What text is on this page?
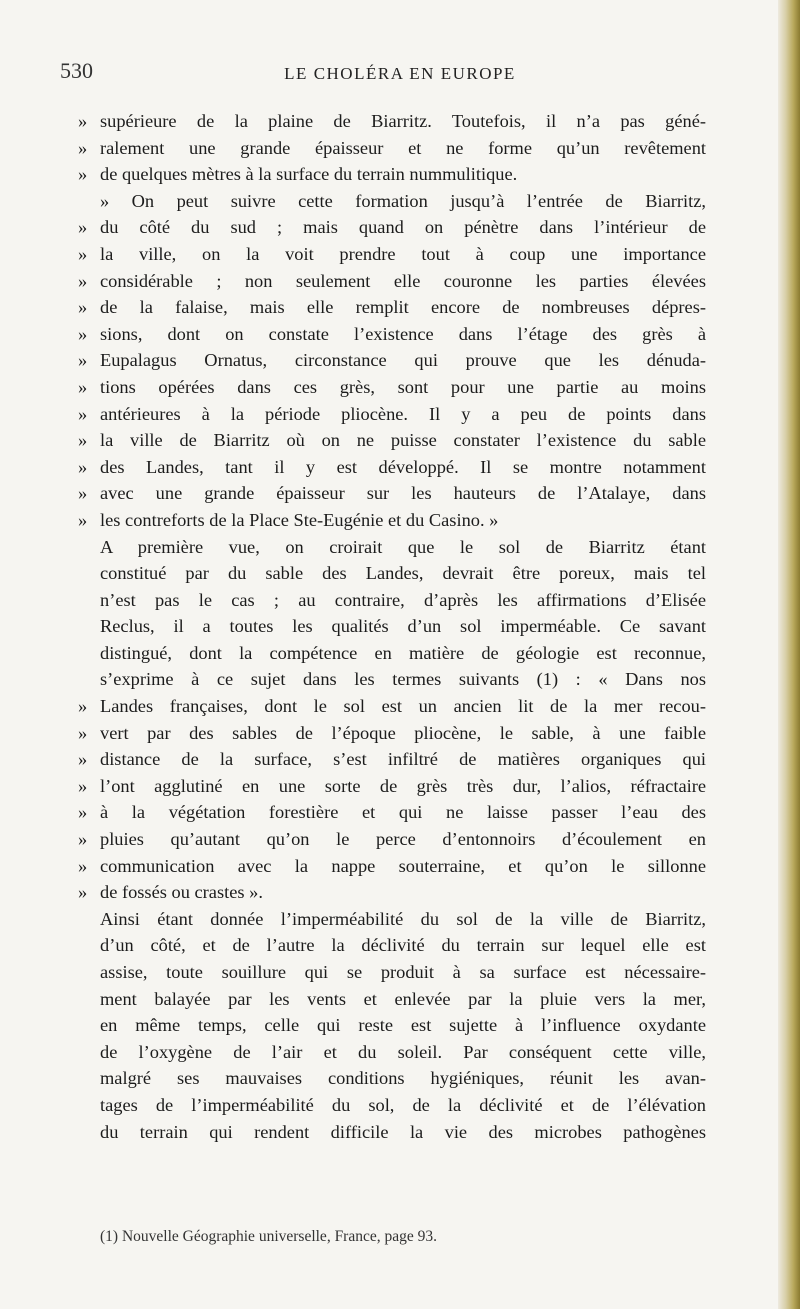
530	LE CHOLÉRA EN EUROPE
» supérieure de la plaine de Biarritz. Toutefois, il n’a pas géné-
» ralement une grande épaisseur et ne forme qu’un revêtement
» de quelques mètres à la surface du terrain nummulitique.
» On peut suivre cette formation jusqu’à l’entrée de Biarritz,
» du côté du sud ; mais quand on pénètre dans l’intérieur de
» la ville, on la voit prendre tout à coup une importance
» considérable ; non seulement elle couronne les parties élevées
» de la falaise, mais elle remplit encore de nombreuses dépres-
» sions, dont on constate l’existence dans l’étage des grès à
» Eupalagus Ornatus, circonstance qui prouve que les dénuda-
» tions opérées dans ces grès, sont pour une partie au moins
» antérieures à la période pliocène. Il y a peu de points dans
» la ville de Biarritz où on ne puisse constater l’existence du sable
» des Landes, tant il y est développé. Il se montre notamment
» avec une grande épaisseur sur les hauteurs de l’Atalaye, dans
» les contreforts de la Place Ste-Eugénie et du Casino. »
A première vue, on croirait que le sol de Biarritz étant
constitué par du sable des Landes, devrait être poreux, mais tel
n’est pas le cas ; au contraire, d’après les affirmations d’Elisée
Reclus, il a toutes les qualités d’un sol imperméable. Ce savant
distingué, dont la compétence en matière de géologie est reconnue,
s’exprime à ce sujet dans les termes suivants (1) : « Dans nos
» Landes françaises, dont le sol est un ancien lit de la mer recou-
» vert par des sables de l’époque pliocène, le sable, à une faible
» distance de la surface, s’est infiltré de matières organiques qui
» l’ont agglutiné en une sorte de grès très dur, l’alios, réfractaire
» à la végétation forestière et qui ne laisse passer l’eau des
» pluies qu’autant qu’on le perce d’entonnoirs d’écoulement en
» communication avec la nappe souterraine, et qu’on le sillonne
» de fossés ou crastes ».
Ainsi étant donnée l’imperméabilité du sol de la ville de Biarritz,
d’un côté, et de l’autre la déclivité du terrain sur lequel elle est
assise, toute souillure qui se produit à sa surface est nécessaire-
ment balayée par les vents et enlevée par la pluie vers la mer,
en même temps, celle qui reste est sujette à l’influence oxydante
de l’oxygène de l’air et du soleil. Par conséquent cette ville,
malgré ses mauvaises conditions hygiéniques, réunit les avan-
tages de l’imperméabilité du sol, de la déclivité et de l’élévation
du terrain qui rendent difficile la vie des microbes pathogènes
(1) Nouvelle Géographie universelle, France, page 93.
